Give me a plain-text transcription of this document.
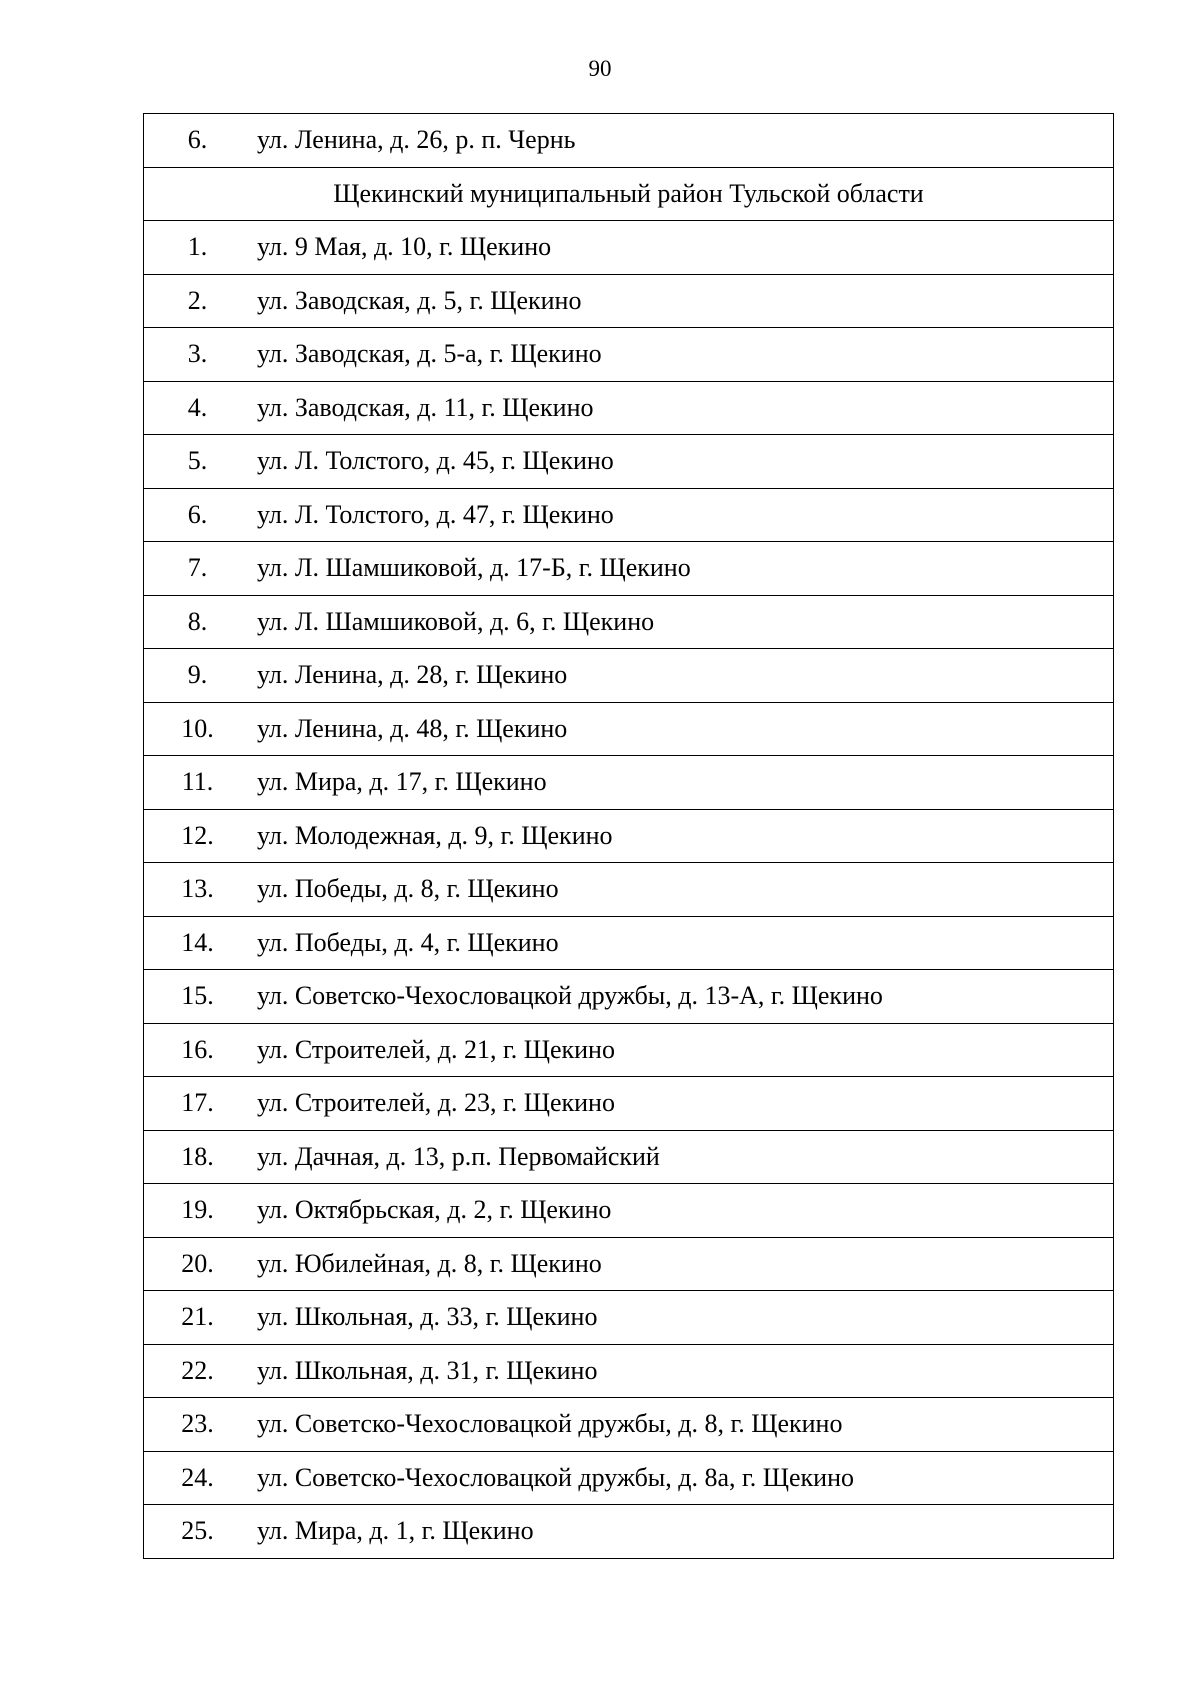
90
6.	ул. Ленина, д. 26, р. п. Чернь
Щекинский муниципальный район Тульской области	
1.	ул. 9 Мая, д. 10, г. Щекино
2.	ул. Заводская, д. 5, г. Щекино
3.	ул. Заводская, д. 5-а, г. Щекино
4.	ул. Заводская, д. 11, г. Щекино
5.	ул. Л. Толстого, д. 45, г. Щекино
6.	ул. Л. Толстого, д. 47, г. Щекино
7.	ул. Л. Шамшиковой, д. 17-Б, г. Щекино
8.	ул. Л. Шамшиковой, д. 6, г. Щекино
9.	ул. Ленина, д. 28, г. Щекино
10.	ул. Ленина, д. 48, г. Щекино
11.	ул. Мира, д. 17, г. Щекино
12.	ул. Молодежная, д. 9, г. Щекино
13.	ул. Победы, д. 8, г. Щекино
14.	ул. Победы, д. 4, г. Щекино
15.	ул. Советско-Чехословацкой дружбы, д. 13-А, г. Щекино
16.	ул. Строителей, д. 21, г. Щекино
17.	ул. Строителей, д. 23, г. Щекино
18.	ул. Дачная, д. 13, р.п. Первомайский
19.	ул. Октябрьская, д. 2, г. Щекино
20.	ул. Юбилейная, д. 8, г. Щекино
21.	ул. Школьная, д. 33, г. Щекино
22.	ул. Школьная, д. 31, г. Щекино
23.	ул. Советско-Чехословацкой дружбы, д. 8, г. Щекино
24.	ул. Советско-Чехословацкой дружбы, д. 8а, г. Щекино
25.	ул. Мира, д. 1, г. Щекино
